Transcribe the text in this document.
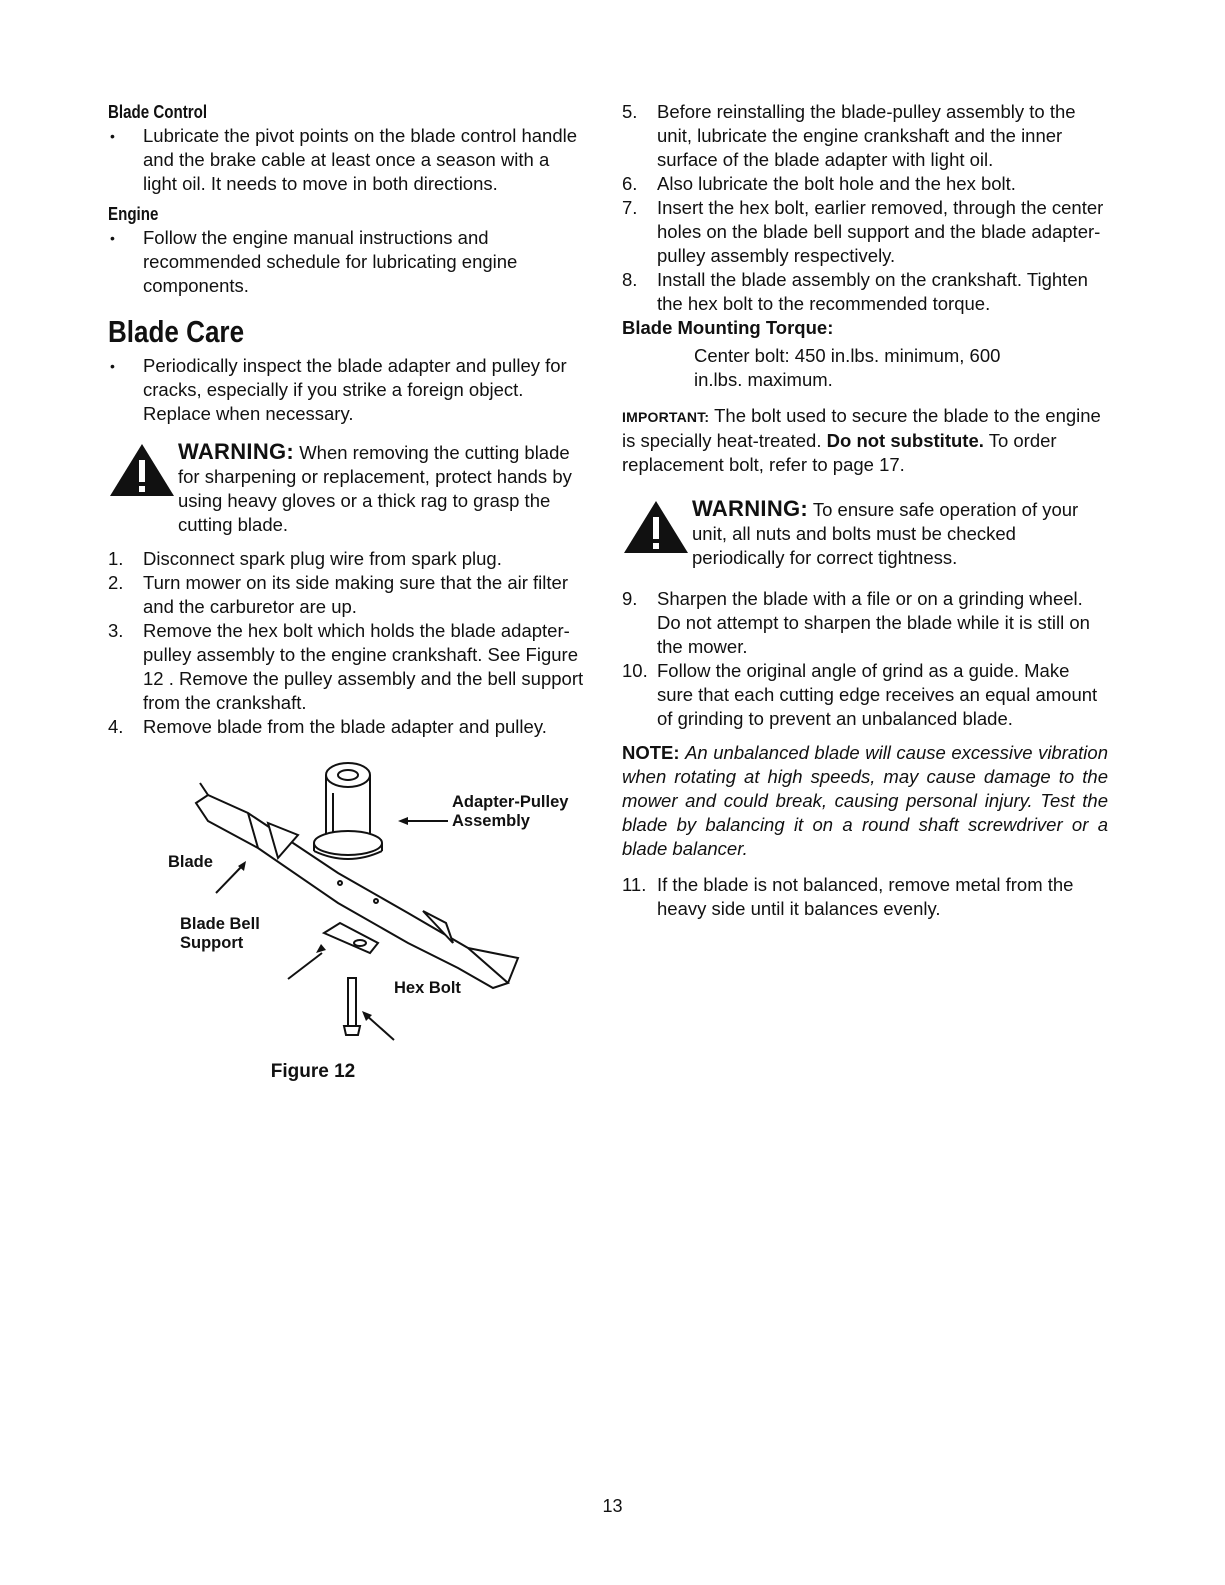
Blade Control
•	Lubricate the pivot points on the blade control handle and the brake cable at least once a season with a light oil. It needs to move in both directions.
Engine
•	Follow the engine manual instructions and recommended schedule for lubricating engine components.
Blade Care
•	Periodically inspect the blade adapter and pulley for cracks, especially if you strike a foreign object. Replace when necessary.
WARNING: When removing the cutting blade for sharpening or replacement, protect hands by using heavy gloves or a thick rag to grasp the cutting blade.
1.	Disconnect spark plug wire from spark plug.
2.	Turn mower on its side making sure that the air filter and the carburetor are up.
3.	Remove the hex bolt which holds the blade adapter-pulley assembly to the engine crankshaft. See Figure 12 . Remove the pulley assembly and the bell support from the crankshaft.
4.	Remove blade from the blade adapter and pulley.
Adapter-Pulley
Assembly
Blade
Blade Bell
Support
Hex Bolt
Figure 12
5.	Before reinstalling the blade-pulley assembly to the unit, lubricate the engine crankshaft and the inner surface of the blade adapter with light oil.
6.	Also lubricate the bolt hole and the hex bolt.
7.	Insert the hex bolt, earlier removed, through the center holes on the blade bell support and the blade adapter-pulley assembly respectively.
8.	Install the blade assembly on the crankshaft. Tighten the hex bolt to the recommended torque.
Blade Mounting Torque:
Center bolt: 450 in.lbs. minimum, 600
in.lbs. maximum.
IMPORTANT: The bolt used to secure the blade to the engine is specially heat-treated. Do not substitute. To order replacement bolt, refer to page 17.
WARNING: To ensure safe operation of your unit, all nuts and bolts must be checked periodically for correct tightness.
9.	Sharpen the blade with a file or on a grinding wheel. Do not attempt to sharpen the blade while it is still on the mower.
10. Follow the original angle of grind as a guide. Make sure that each cutting edge receives an equal amount of grinding to prevent an unbalanced blade.
NOTE: An unbalanced blade will cause excessive vibration when rotating at high speeds, may cause damage to the mower and could break, causing personal injury. Test the blade by balancing it on a round shaft screwdriver or a blade balancer.
11. If the blade is not balanced, remove metal from the heavy side until it balances evenly.
13
